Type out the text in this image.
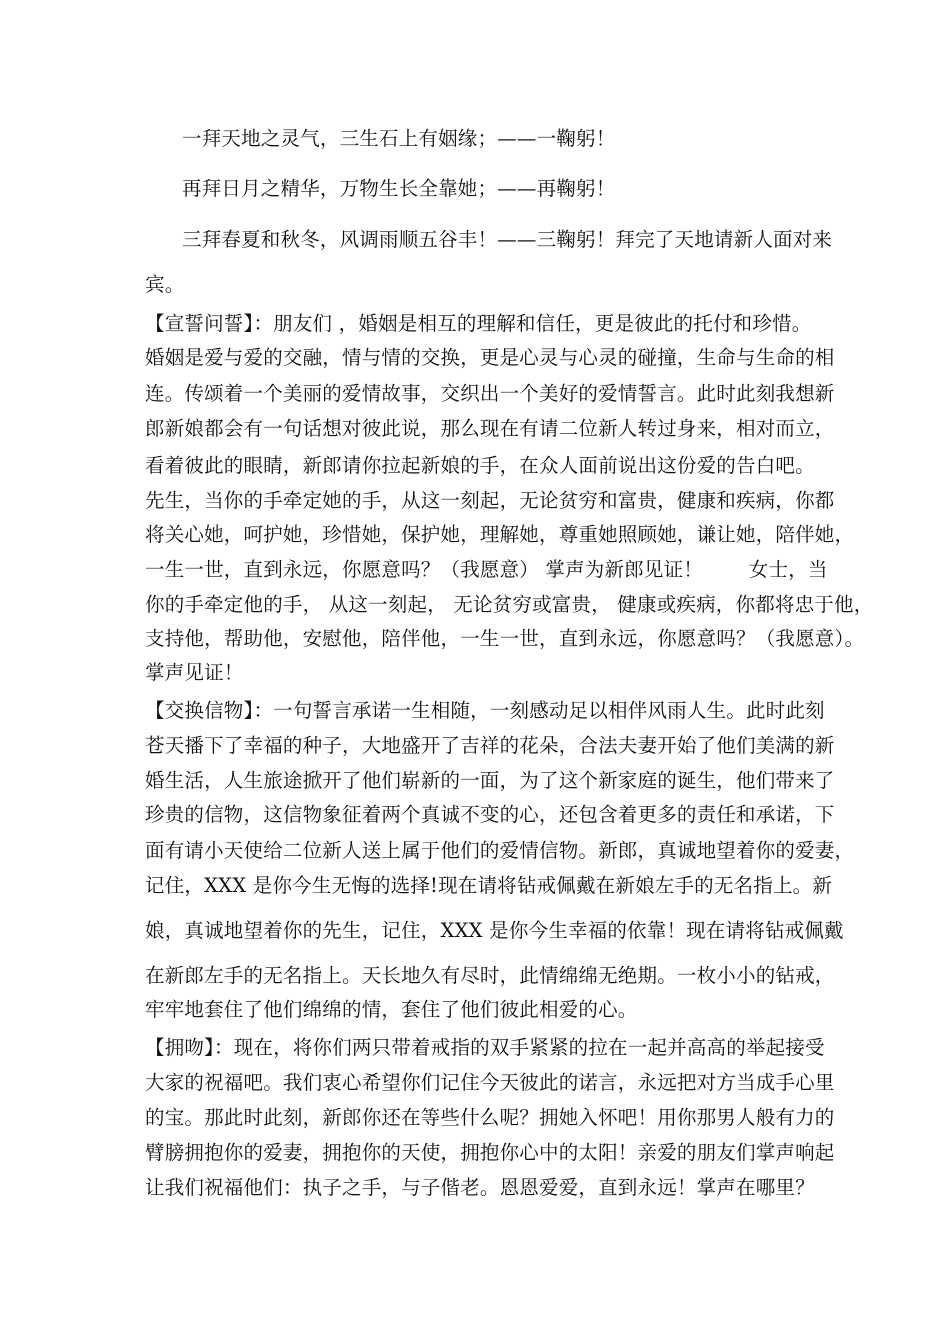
一拜天地之灵气，三生石上有姻缘；——一鞠躬！
再拜日月之精华，万物生长全靠她；——再鞠躬！
三拜春夏和秋冬，风调雨顺五谷丰！——三鞠躬！拜完了天地请新人面对来
宾。
【宣誓问誓】：朋友们 ，婚姻是相互的理解和信任，更是彼此的托付和珍惜。
婚姻是爱与爱的交融，情与情的交换，更是心灵与心灵的碰撞，生命与生命的相
连。传颂着一个美丽的爱情故事，交织出一个美好的爱情誓言。此时此刻我想新
郎新娘都会有一句话想对彼此说，那么现在有请二位新人转过身来，相对而立，
看着彼此的眼睛，新郎请你拉起新娘的手，在众人面前说出这份爱的告白吧。
先生，当你的手牵定她的手，从这一刻起，无论贫穷和富贵，健康和疾病，你都
将关心她，呵护她，珍惜她，保护她，理解她，尊重她照顾她，谦让她，陪伴她，
一生一世，直到永远，你愿意吗？（我愿意） 掌声为新郎见证！ 　　女士，当
你的手牵定他的手， 从这一刻起， 无论贫穷或富贵， 健康或疾病，你都将忠于他，
支持他，帮助他，安慰他，陪伴他，一生一世，直到永远，你愿意吗？（我愿意）。
掌声见证！
【交换信物】：一句誓言承诺一生相随，一刻感动足以相伴风雨人生。此时此刻
苍天播下了幸福的种子，大地盛开了吉祥的花朵，合法夫妻开始了他们美满的新
婚生活，人生旅途掀开了他们崭新的一面，为了这个新家庭的诞生，他们带来了
珍贵的信物，这信物象征着两个真诚不变的心，还包含着更多的责任和承诺，下
面有请小天使给二位新人送上属于他们的爱情信物。新郎，真诚地望着你的爱妻，
记住，XXX 是你今生无悔的选择!现在请将钻戒佩戴在新娘左手的无名指上。新
娘，真诚地望着你的先生，记住，XXX 是你今生幸福的依靠！现在请将钻戒佩戴
在新郎左手的无名指上。天长地久有尽时，此情绵绵无绝期。一枚小小的钻戒，
牢牢地套住了他们绵绵的情，套住了他们彼此相爱的心。
【拥吻】：现在，将你们两只带着戒指的双手紧紧的拉在一起并高高的举起接受
大家的祝福吧。我们衷心希望你们记住今天彼此的诺言，永远把对方当成手心里
的宝。那此时此刻，新郎你还在等些什么呢？拥她入怀吧！用你那男人般有力的
臂膀拥抱你的爱妻，拥抱你的天使，拥抱你心中的太阳！亲爱的朋友们掌声响起
让我们祝福他们：执子之手，与子偕老。恩恩爱爱，直到永远！掌声在哪里？
